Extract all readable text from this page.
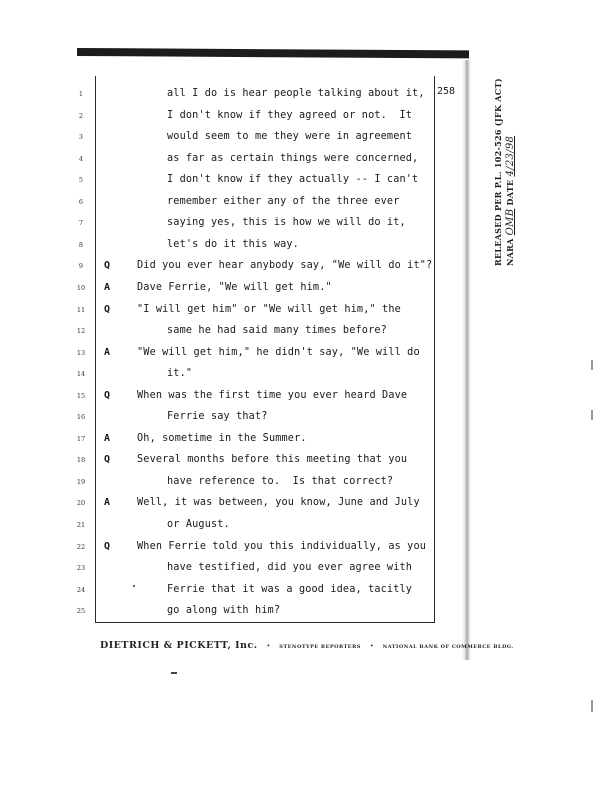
258
1	all I do is hear people talking about it,
2	I don't know if they agreed or not.  It
3	would seem to me they were in agreement
4	as far as certain things were concerned,
5	I don't know if they actually -- I can't
6	remember either any of the three ever
7	saying yes, this is how we will do it,
8	let's do it this way.
9	Q	Did you ever hear anybody say, "We will do it"?
10	A	Dave Ferrie, "We will get him."
11	Q	"I will get him" or "We will get him," the
12	same he had said many times before?
13	A	"We will get him," he didn't say, "We will do
14	it."
15	Q	When was the first time you ever heard Dave
16	Ferrie say that?
17	A	Oh, sometime in the Summer.
18	Q	Several months before this meeting that you
19	have reference to.  Is that correct?
20	A	Well, it was between, you know, June and July
21	or August.
22	Q	When Ferrie told you this individually, as you
23	have testified, did you ever agree with
24	Ferrie that it was a good idea, tacitly
25	go along with him?
DIETRICH & PICKETT, Inc. • STENOTYPE REPORTERS • NATIONAL BANK OF COMMERCE BLDG.
RELEASED PER P.L. 102-526 (JFK ACT) NARA OMB DATE 4/23/98
